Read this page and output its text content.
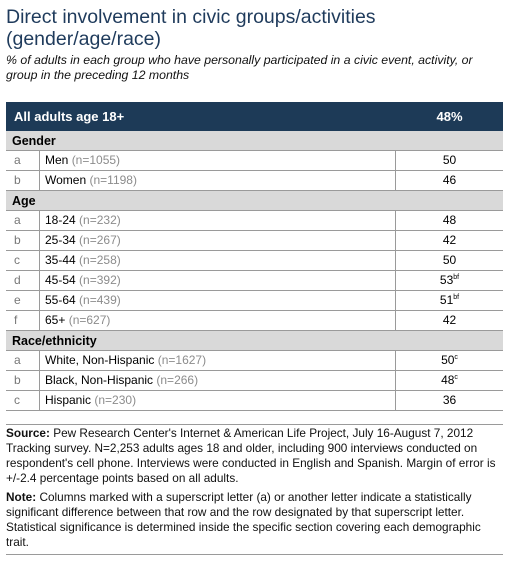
Direct involvement in civic groups/activities
(gender/age/race)
% of adults in each group who have personally participated in a civic event, activity, or group in the preceding 12 months
All adults age 18+	48%
Gender
a	Men (n=1055)	50
b	Women (n=1198)	46
Age
a	18-24 (n=232)	48
b	25-34 (n=267)	42
c	35-44 (n=258)	50
d	45-54 (n=392)	$53^{bf}$
e	55-64 (n=439)	$51^{bf}$
f	65+ (n=627)	42
Race/ethnicity
a	White, Non-Hispanic (n=1627)	50$^c$
b	Black, Non-Hispanic (n=266)	48$^c$
c	Hispanic (n=230)	36
Source: Pew Research Center's Internet & American Life Project, July 16-August 7, 2012 Tracking survey. N=2,253 adults ages 18 and older, including 900 interviews conducted on respondent's cell phone. Interviews were conducted in English and Spanish. Margin of error is +/-2.4 percentage points based on all adults.
Note: Columns marked with a superscript letter (a) or another letter indicate a statistically significant difference between that row and the row designated by that superscript letter. Statistical significance is determined inside the specific section covering each demographic trait.
